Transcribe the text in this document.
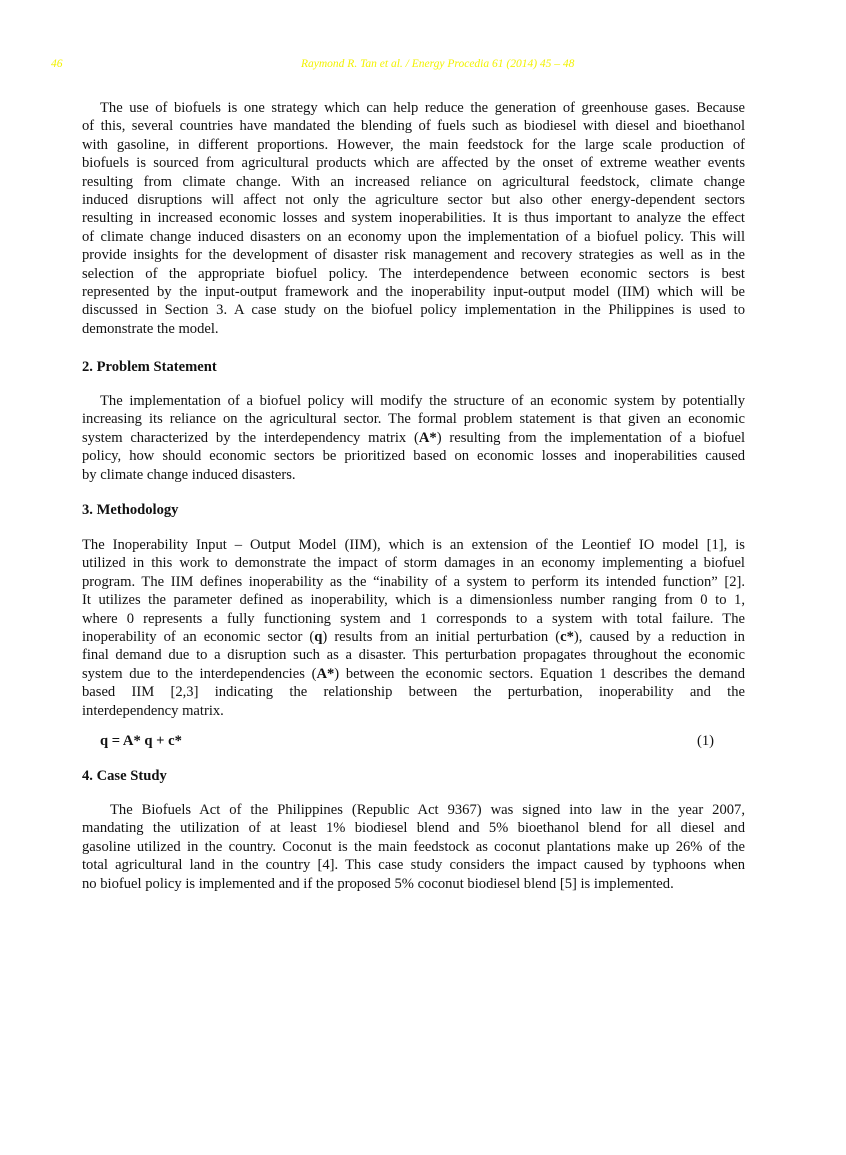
46	Raymond R. Tan et al. / Energy Procedia 61 (2014) 45 – 48
The use of biofuels is one strategy which can help reduce the generation of greenhouse gases. Because
of this, several countries have mandated the blending of fuels such as biodiesel with diesel and bioethanol
with gasoline, in different proportions. However, the main feedstock for the large scale production of
biofuels is sourced from agricultural products which are affected by the onset of extreme weather events
resulting from climate change. With an increased reliance on agricultural feedstock, climate change
induced disruptions will affect not only the agriculture sector but also other energy-dependent sectors
resulting in increased economic losses and system inoperabilities. It is thus important to analyze the effect
of climate change induced disasters on an economy upon the implementation of a biofuel policy. This will
provide insights for the development of disaster risk management and recovery strategies as well as in the
selection of the appropriate biofuel policy. The interdependence between economic sectors is best
represented by the input-output framework and the inoperability input-output model (IIM) which will be
discussed in Section 3. A case study on the biofuel policy implementation in the Philippines is used to
demonstrate the model.
2. Problem Statement
The implementation of a biofuel policy will modify the structure of an economic system by potentially
increasing its reliance on the agricultural sector. The formal problem statement is that given an economic
system characterized by the interdependency matrix (A*) resulting from the implementation of a biofuel
policy, how should economic sectors be prioritized based on economic losses and inoperabilities caused
by climate change induced disasters.
3. Methodology
The Inoperability Input – Output Model (IIM), which is an extension of the Leontief IO model [1], is
utilized in this work to demonstrate the impact of storm damages in an economy implementing a biofuel
program. The IIM defines inoperability as the “inability of a system to perform its intended function” [2].
It utilizes the parameter defined as inoperability, which is a dimensionless number ranging from 0 to 1,
where 0 represents a fully functioning system and 1 corresponds to a system with total failure. The
inoperability of an economic sector (q) results from an initial perturbation (c*), caused by a reduction in
final demand due to a disruption such as a disaster. This perturbation propagates throughout the economic
system due to the interdependencies (A*) between the economic sectors. Equation 1 describes the demand
based IIM [2,3] indicating the relationship between the perturbation, inoperability and the
interdependency matrix.
q = A* q + c*	(1)
4. Case Study
The Biofuels Act of the Philippines (Republic Act 9367) was signed into law in the year 2007,
mandating the utilization of at least 1% biodiesel blend and 5% bioethanol blend for all diesel and
gasoline utilized in the country. Coconut is the main feedstock as coconut plantations make up 26% of the
total agricultural land in the country [4]. This case study considers the impact caused by typhoons when
no biofuel policy is implemented and if the proposed 5% coconut biodiesel blend [5] is implemented.
